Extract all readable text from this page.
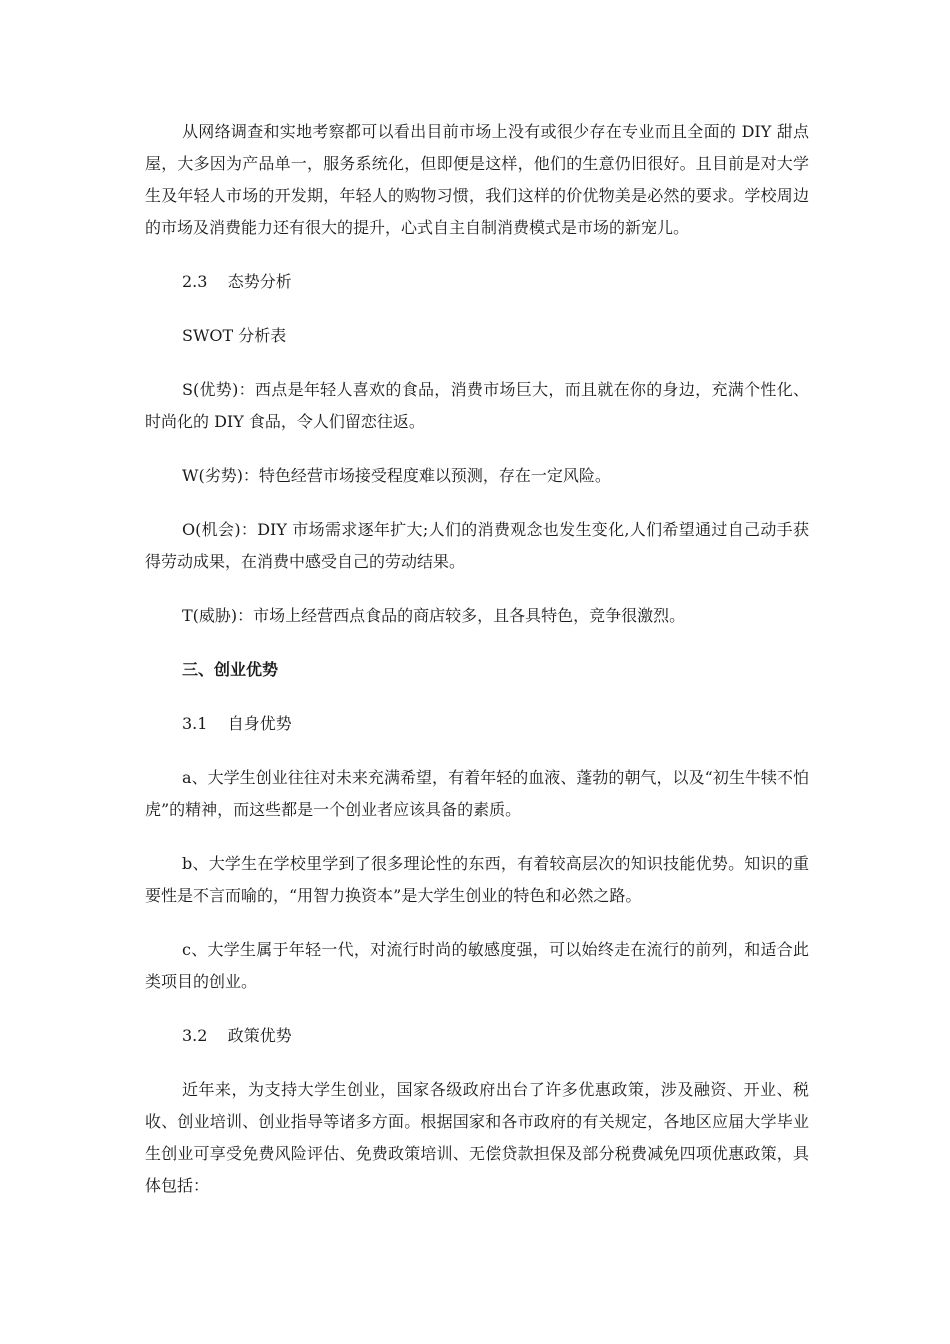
从网络调查和实地考察都可以看出目前市场上没有或很少存在专业而且全面的 DIY 甜点屋，大多因为产品单一，服务系统化，但即便是这样，他们的生意仍旧很好。且目前是对大学生及年轻人市场的开发期，年轻人的购物习惯，我们这样的价优物美是必然的要求。学校周边的市场及消费能力还有很大的提升，心式自主自制消费模式是市场的新宠儿。

2.3    态势分析

SWOT 分析表

S(优势)：西点是年轻人喜欢的食品，消费市场巨大，而且就在你的身边，充满个性化、时尚化的 DIY 食品，令人们留恋往返。

W(劣势)：特色经营市场接受程度难以预测，存在一定风险。

O(机会)：DIY 市场需求逐年扩大;人们的消费观念也发生变化,人们希望通过自己动手获得劳动成果，在消费中感受自己的劳动结果。

T(威胁)：市场上经营西点食品的商店较多，且各具特色，竞争很激烈。

三、创业优势

3.1    自身优势

a、大学生创业往往对未来充满希望，有着年轻的血液、蓬勃的朝气，以及“初生牛犊不怕虎”的精神，而这些都是一个创业者应该具备的素质。

b、大学生在学校里学到了很多理论性的东西，有着较高层次的知识技能优势。知识的重要性是不言而喻的，“用智力换资本”是大学生创业的特色和必然之路。

c、大学生属于年轻一代，对流行时尚的敏感度强，可以始终走在流行的前列，和适合此类项目的创业。

3.2    政策优势

近年来，为支持大学生创业，国家各级政府出台了许多优惠政策，涉及融资、开业、税收、创业培训、创业指导等诸多方面。根据国家和各市政府的有关规定，各地区应届大学毕业生创业可享受免费风险评估、免费政策培训、无偿贷款担保及部分税费减免四项优惠政策，具体包括：
